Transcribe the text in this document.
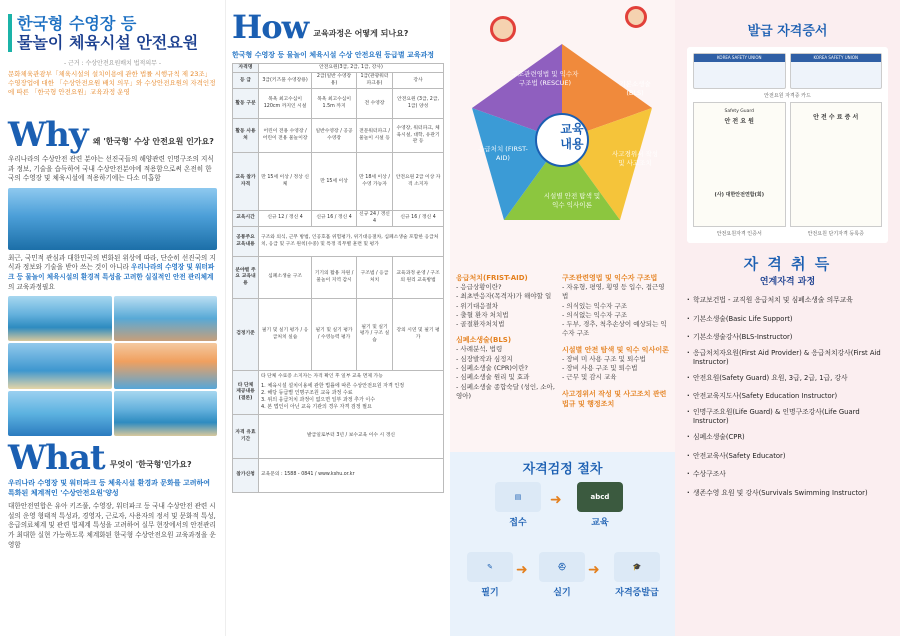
한국형 수영장 등
물놀이 체육시설 안전요원
- 근거 : 수상안전요원배치 법적의무 -
문화체육관광부「체육시설의 설치이용에 관한 법률 시행규칙 제 23조」수영장업에 대한 「수상안전요원 배치 의무」와 수상안전요원의 자격인정에 따른 「한국형 안전요원」교육과정 운영
Why 왜 '한국형' 수상 안전요원 인가요?
우리나라의 수상안전 관련 분야는 선진국들의 해양관련 인명구조의 지식과 정보, 기술을 습득하여 국내 수상안전분야에 적용함으로써 온전히 한국의 수영장 및 체육시설에 적용하기에는 다소 미흡함
최근, 국민적 관심과 대한민국의 변화된 위상에 따라, 단순히 선진국의 지식과 정보와 기술을 받아 쓰는 것이 아니라 우리나라의 수영장 및 워터파크 등 물놀이 체육시설의 환경적 특성을 고려한 실질적인 안전 관리체계의 교육과정필요
What 무엇이 '한국형'인가요?
우리나라 수영장 및 워터파크 등 체육시설 환경과 문화를 고려하여 특화된 체계적인 '수상안전요원'양성
대한안전연합은 유아 키즈풀, 수영장, 워터파크 등 국내 수상안전 관련 시설의 운영 형태적 특성과, 경영자, 근로자, 사용자의 정서 및 문화적 특성, 응급의료체계 및 관련 법제계 특성을 고려하여 실무 현장에서의 안전관리가 최대한 실현 가능하도록 체계화된 한국형 수상안전요원 교육과정을 운영함
How 교육과정은 어떻게 되나요?
한국형 수영장 등 물놀이 체육시설 수상 안전요원 등급별 교육과정
자격명	안전요원(3급, 2급, 1급, 강사)			
등 급	3급(키즈풀 수영장용)	2급(일반 수영장용)	1급(관광워터파크용)	강사
활동 구분	목욕 최고수심이 120cm 까지인 시설	목욕 최고수심이 1.5m 까지	전 수영장	안전요원 (3급, 2급, 1급) 양성
활동 사용처	어린이 전용 수영장 / 어린이 전용 물놀이장	일반수영장 / 공공수영장	전문워터파크 / 물놀이 시설 등	수영장, 워터파크, 체육시설, 대학, 유관기관 등
교육 참가자격	만 15세 이상 / 정상 신체	만 15세 이상	만 18세 이상 / 수영 가능자	안전요원 2급 이상 자격 소지자
교육시간	신규 12 / 갱신 4	신규 16 / 갱신 4	신규 24 / 갱신 4	신규 16 / 갱신 4
공통주요 교육내용	구조와 의식, 근무 방법, 인공호흡 위험평가, 위기대응절차, 심폐소생술 포함한 응급처치, 응급 및 구조 원칙(수중) 및 특정 직무별 훈련 및 평가			
분야별 주요 교육내용	심폐소생술 구조	기기의 활용 자원 / 물놀이 지역 감시	구조법 / 응급처치	교육과정 운영 / 구조의 원리 교육방법
검정기준	필기 및 실기 평가 / 응급처치 실습	필기 및 실기 평가 / 수영능력 평가	필기 및 실기 평가 / 구조 실습	강의 시연 및 필기 평가
타 단체 제공내용 (결론)	타 단체 수료증 소지자는 자격 확인 후 일부 교육 면제 가능
1. 체육시설 설치이용에 관한 법률에 따른 수상안전요원 자격 인정
2. 해당 등급별 인명구조원 교육 과정 수료
3. 위의 응급처치 과정이 없으면 일부 과정 추가 이수
4. 본 법인이 아닌 교육 기관의 경우 자격 검정 필요			

자격 유효 기간	발급일로부터 3년 / 보수교육 이수 시 갱신			
참가신청	교육문의 : 1588 - 0841 / www.kshu.or.kr			
교육
내용
구조관련영법 및 익수자 구조법 (RESCUE)	기본소생술 (BLS)
사고경위서 작성 및 사고조치
시설별 안전 탐색 및 익수 익사이론
응급처치 (FIRST-AID)
응급처치(FRIST-AID)
- 응급상황이란?
- 최초반응자(목격자)가 해야할 일
- 위기대응절차
- 출혈 환자 처치법
- 골절환자처치법
심폐소생술(BLS)
- 사례분석, 법령
- 심장발작과 심정지
- 심폐소생술 (CPR)이란?
- 심폐소생술 원리 및 효과
- 심폐소생술 종합숙달 (성인, 소아, 영아)
구조관련영법 및 익수자 구조법
- 자유형, 평영, 횡영 등 입수, 접근영법
- 의식있는 익수자 구조
- 의식없는 익수자 구조
- 두부, 경추, 척추손상이 예상되는 익수자 구조
시설별 안전 탐색 및 익수 익사이론
- 장비 미 사용 구조 및 퇴수법
- 장비 사용 구조 및 퇴수법
- 근무 및 감시 교육
사고경위서 작성 및 사고조치 관련법규 및 행정조치
자격검정 절차
▤
접수
➜	abcd
교육
✎
필기
➜	⛑
실기
➜	🎓
자격증발급
발급 자격증서
KOREA SAFETY UNION	KOREA SAFETY UNION
안전요원 자격증 카드
Safety Guard
안 전 요 원
(사) 대한안전연합(회)
안 전 수 료 증 서
안전요원자격 인증서	안전요원 단기자격 등록증
자 격 취 득
연계자격 과정
· 학교보건법 - 교직원 응급처치 및 심폐소생술 의무교육
· 기본소생술(Basic Life Support)
· 기본소생술강사(BLS-Instructor)
· 응급처치자요원(First Aid Provider) & 응급처치강사(First Aid Instructor)
· 안전요원(Safety Guard) 요원, 3급, 2급, 1급, 강사
· 안전교육지도사(Safety Education Instructor)
· 인명구조요원(Life Guard) & 인명구조강사(Life Guard Instructor)
· 심폐소생술(CPR)
· 안전교육사(Safety Educator)
· 수상구조사
· 생존수영 요원 및 강사(Survivals Swimming Instructor)
